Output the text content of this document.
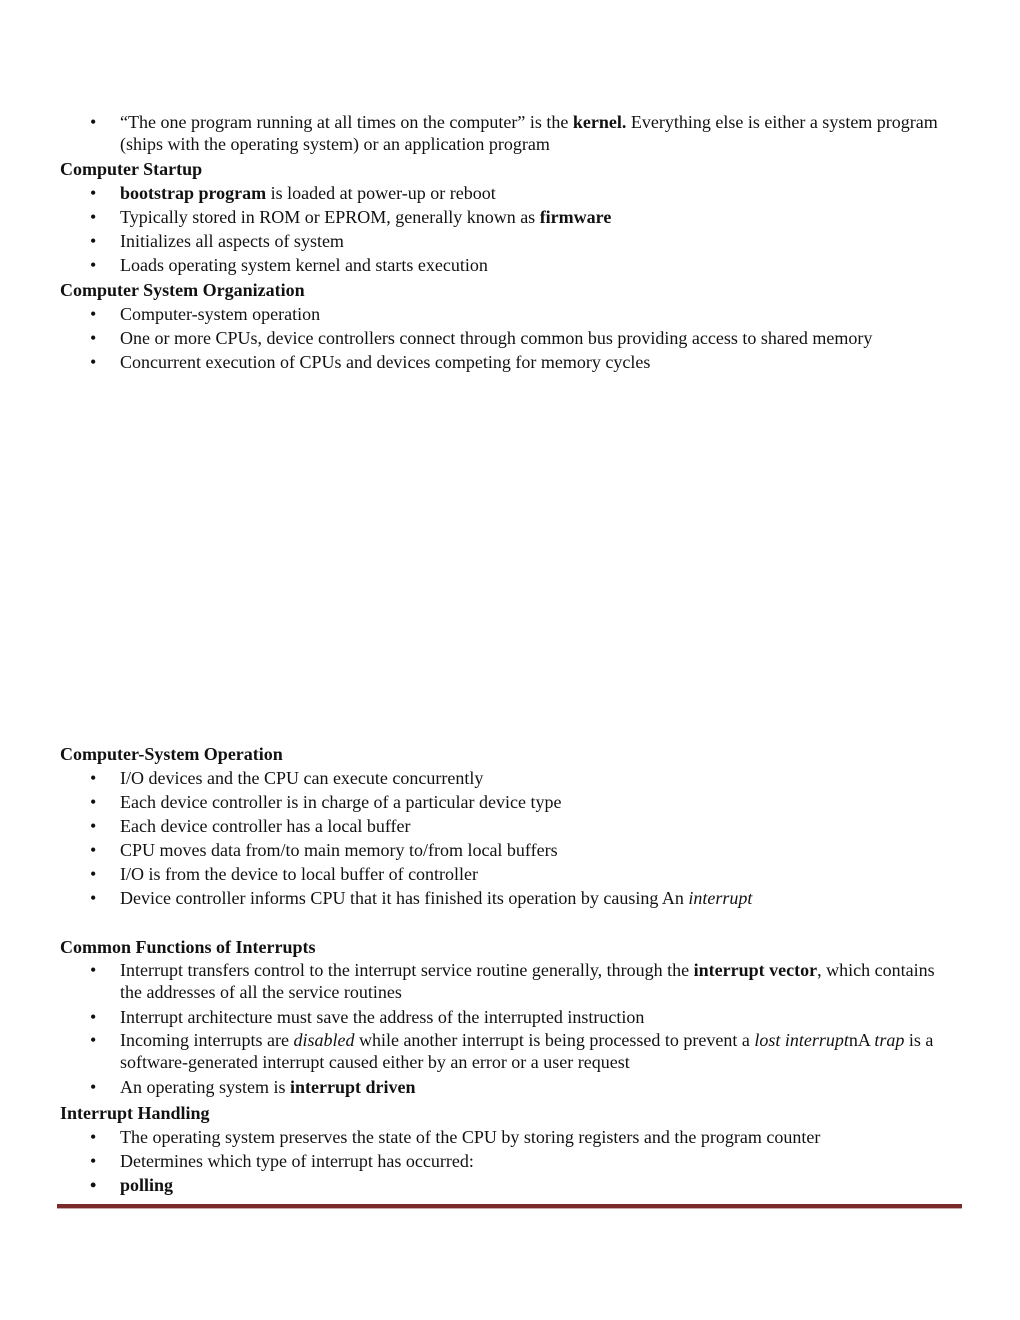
• “The one program running at all times on the computer” is the kernel. Everything else is either a system program (ships with the operating system) or an application program

Computer Startup

• bootstrap program is loaded at power-up or reboot
• Typically stored in ROM or EPROM, generally known as firmware
• Initializes all aspects of system
• Loads operating system kernel and starts execution

Computer System Organization

• Computer-system operation
• One or more CPUs, device controllers connect through common bus providing access to shared memory
• Concurrent execution of CPUs and devices competing for memory cycles

Computer-System Operation

• I/O devices and the CPU can execute concurrently
• Each device controller is in charge of a particular device type
• Each device controller has a local buffer
• CPU moves data from/to main memory to/from local buffers
• I/O is from the device to local buffer of controller
• Device controller informs CPU that it has finished its operation by causing An interrupt

Common Functions of Interrupts

• Interrupt transfers control to the interrupt service routine generally, through the interrupt vector, which contains the addresses of all the service routines
• Interrupt architecture must save the address of the interrupted instruction
• Incoming interrupts are disabled while another interrupt is being processed to prevent a lost interruptnA trap is a software-generated interrupt caused either by an error or a user request
• An operating system is interrupt driven

Interrupt Handling

• The operating system preserves the state of the CPU by storing registers and the program counter
• Determines which type of interrupt has occurred:
• polling
